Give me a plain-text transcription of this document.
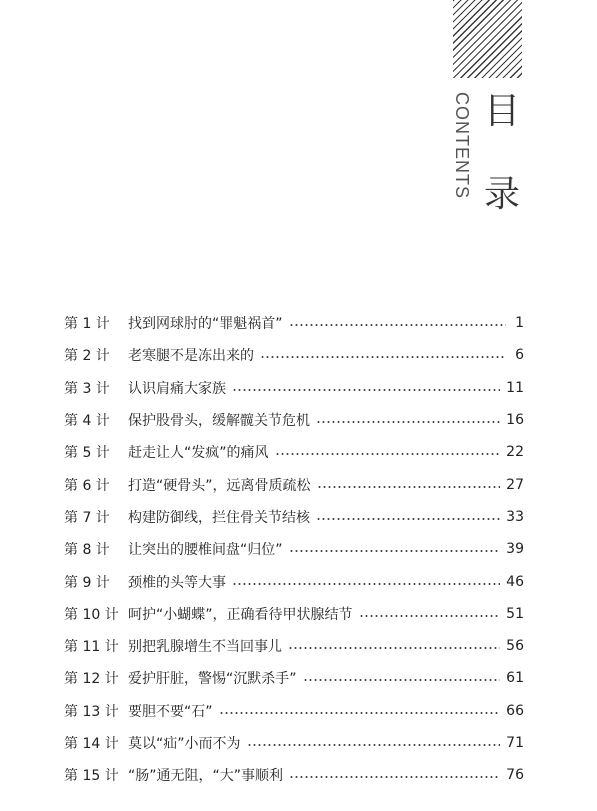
CONTENTS 目
录
第 1 计	找到网球肘的“罪魁祸首”	1
第 2 计	老寒腿不是冻出来的	6
第 3 计	认识肩痛大家族	11
第 4 计	保护股骨头，缓解髋关节危机	16
第 5 计	赶走让人“发疯”的痛风	22
第 6 计	打造“硬骨头”，远离骨质疏松	27
第 7 计	构建防御线，拦住骨关节结核	33
第 8 计	让突出的腰椎间盘“归位”	39
第 9 计	颈椎的头等大事	46
第 10 计 呵护“小蝴蝶”，正确看待甲状腺结节	51
第 11 计 别把乳腺增生不当回事儿	56
第 12 计 爱护肝脏，警惕“沉默杀手”	61
第 13 计 要胆不要“石”	66
第 14 计 莫以“疝”小而不为	71
第 15 计 “肠”通无阻，“大”事顺利	76
